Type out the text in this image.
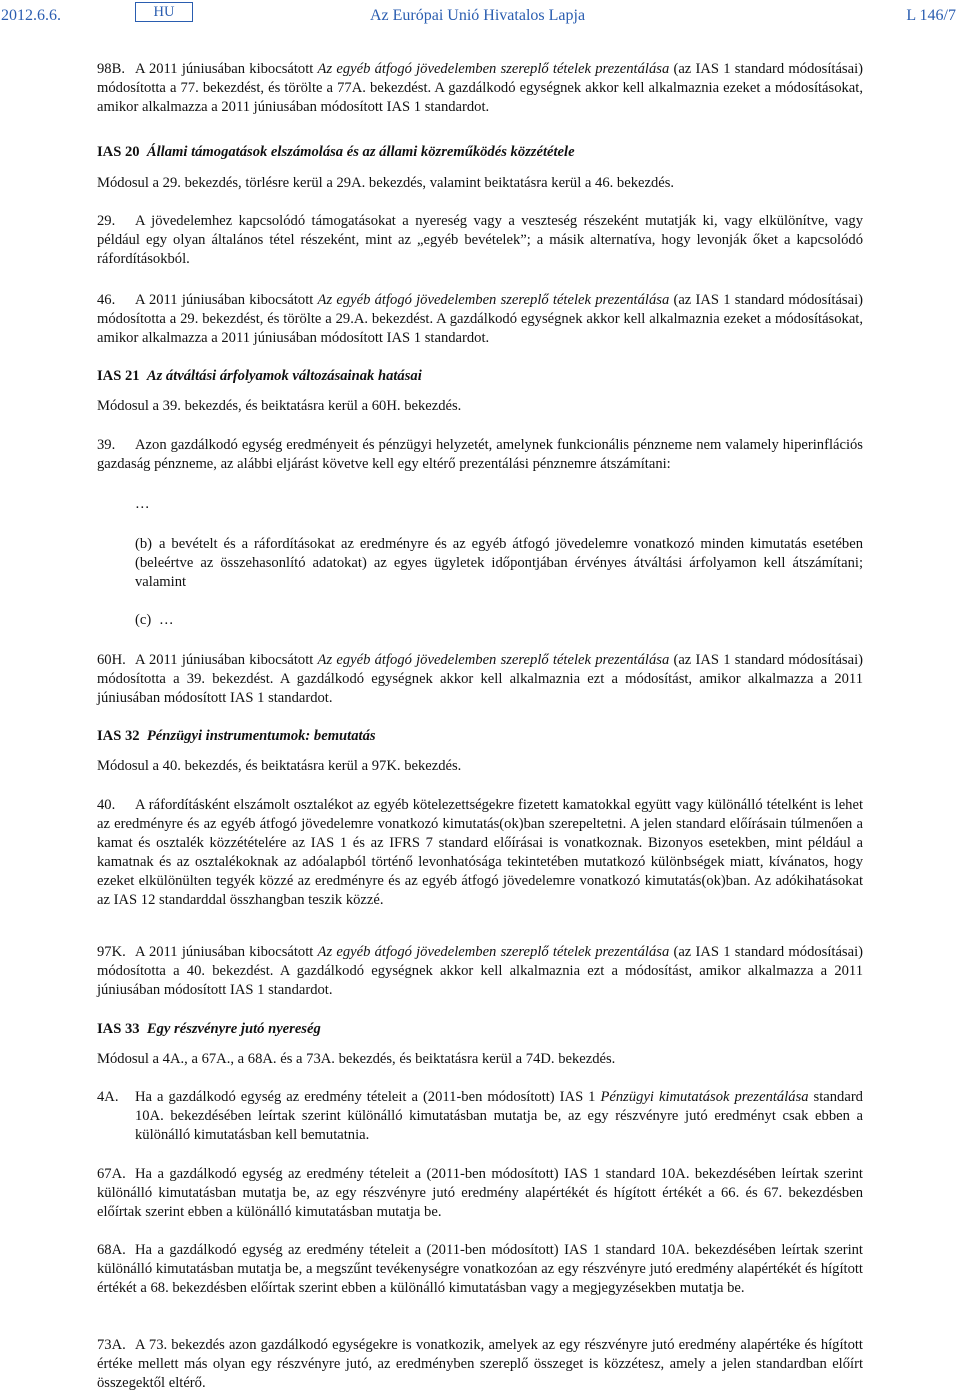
2012.6.6.	HU	Az Európai Unió Hivatalos Lapja	L 146/7
98B. A 2011 júniusában kibocsátott Az egyéb átfogó jövedelemben szereplő tételek prezentálása (az IAS 1 standard módosításai) módosította a 77. bekezdést, és törölte a 77A. bekezdést. A gazdálkodó egységnek akkor kell alkalmaznia ezeket a módosításokat, amikor alkalmazza a 2011 júniusában módosított IAS 1 standardot.
IAS 20 Állami támogatások elszámolása és az állami közreműködés közzététele
Módosul a 29. bekezdés, törlésre kerül a 29A. bekezdés, valamint beiktatásra kerül a 46. bekezdés.
29.	A jövedelemhez kapcsolódó támogatásokat a nyereség vagy a veszteség részeként mutatják ki, vagy elkülönítve, vagy például egy olyan általános tétel részeként, mint az „egyéb bevételek”; a másik alternatíva, hogy levonják őket a kapcsolódó ráfordításokból.
46.	A 2011 júniusában kibocsátott Az egyéb átfogó jövedelemben szereplő tételek prezentálása (az IAS 1 standard módosításai) módosította a 29. bekezdést, és törölte a 29.A. bekezdést. A gazdálkodó egységnek akkor kell alkalmaznia ezeket a módosításokat, amikor alkalmazza a 2011 júniusában módosított IAS 1 standardot.
IAS 21 Az átváltási árfolyamok változásainak hatásai
Módosul a 39. bekezdés, és beiktatásra kerül a 60H. bekezdés.
39.	Azon gazdálkodó egység eredményeit és pénzügyi helyzetét, amelynek funkcionális pénzneme nem valamely hiperinflációs gazdaság pénzneme, az alábbi eljárást követve kell egy eltérő prezentálási pénznemre átszámítani:
…
(b) a bevételt és a ráfordításokat az eredményre és az egyéb átfogó jövedelemre vonatkozó minden kimutatás esetében (beleértve az összehasonlító adatokat) az egyes ügyletek időpontjában érvényes átváltási árfolyamon kell átszámítani; valamint
(c) …
60H. A 2011 júniusában kibocsátott Az egyéb átfogó jövedelemben szereplő tételek prezentálása (az IAS 1 standard módosításai) módosította a 39. bekezdést. A gazdálkodó egységnek akkor kell alkalmaznia ezt a módosítást, amikor alkalmazza a 2011 júniusában módosított IAS 1 standardot.
IAS 32 Pénzügyi instrumentumok: bemutatás
Módosul a 40. bekezdés, és beiktatásra kerül a 97K. bekezdés.
40.	A ráfordításként elszámolt osztalékot az egyéb kötelezettségekre fizetett kamatokkal együtt vagy különálló tételként is lehet az eredményre és az egyéb átfogó jövedelemre vonatkozó kimutatás(ok)ban szerepeltetni. A jelen standard előírásain túlmenően a kamat és osztalék közzétételére az IAS 1 és az IFRS 7 standard előírásai is vonatkoznak. Bizonyos esetekben, mint például a kamatnak és az osztalékoknak az adóalapból történő levonhatósága tekintetében mutatkozó különbségek miatt, kívánatos, hogy ezeket elkülönülten tegyék közzé az eredményre és az egyéb átfogó jövedelemre vonatkozó kimutatás(ok)ban. Az adókihatásokat az IAS 12 standarddal összhangban teszik közzé.
97K. A 2011 júniusában kibocsátott Az egyéb átfogó jövedelemben szereplő tételek prezentálása (az IAS 1 standard módosításai) módosította a 40. bekezdést. A gazdálkodó egységnek akkor kell alkalmaznia ezt a módosítást, amikor alkalmazza a 2011 júniusában módosított IAS 1 standardot.
IAS 33 Egy részvényre jutó nyereség
Módosul a 4A., a 67A., a 68A. és a 73A. bekezdés, és beiktatásra kerül a 74D. bekezdés.
4A.	Ha a gazdálkodó egység az eredmény tételeit a (2011-ben módosított) IAS 1 Pénzügyi kimutatások prezentálása standard 10A. bekezdésében leírtak szerint különálló kimutatásban mutatja be, az egy részvényre jutó eredményt csak ebben a különálló kimutatásban kell bemutatnia.
67A. Ha a gazdálkodó egység az eredmény tételeit a (2011-ben módosított) IAS 1 standard 10A. bekezdésében leírtak szerint különálló kimutatásban mutatja be, az egy részvényre jutó eredmény alapértékét és hígított értékét a 66. és 67. bekezdésben előírtak szerint ebben a különálló kimutatásban mutatja be.
68A. Ha a gazdálkodó egység az eredmény tételeit a (2011-ben módosított) IAS 1 standard 10A. bekezdésében leírtak szerint különálló kimutatásban mutatja be, a megszűnt tevékenységre vonatkozóan az egy részvényre jutó eredmény alapértékét és hígított értékét a 68. bekezdésben előírtak szerint ebben a különálló kimutatásban vagy a megjegyzésekben mutatja be.
73A. A 73. bekezdés azon gazdálkodó egységekre is vonatkozik, amelyek az egy részvényre jutó eredmény alapértéke és hígított értéke mellett más olyan egy részvényre jutó, az eredményben szereplő összeget is közzétesz, amely a jelen standardban előírt összegektől eltérő.
